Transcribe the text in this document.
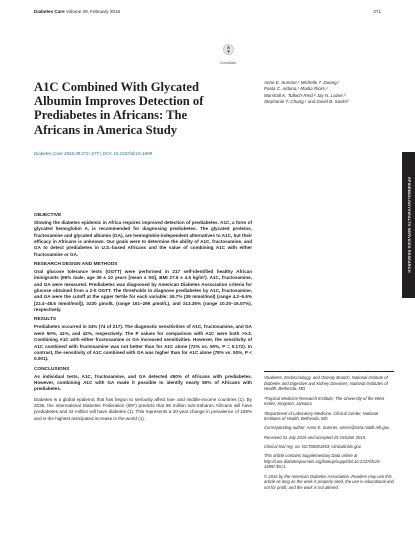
Diabetes Care Volume 39, February 2016	271
CrossMark
A1C Combined With Glycated Albumin Improves Detection of Prediabetes in Africans: The Africans in America Study
Diabetes Care 2016;39:271–277 | DOI: 10.2337/dc15-1699
Anne E. Sumner,¹ Michelle T. Duong,¹
Paola C. Aldana,¹ Madia Ricks,¹
Marshall K. Tulloch-Reid,² Jay N. Lozier,³
Stephanie T. Chung,¹ and David B. Sacks³
EPIDEMIOLOGY/HEALTH SERVICES RESEARCH
OBJECTIVE

Slowing the diabetes epidemic in Africa requires improved detection of prediabetes. A1C, a form of glycated hemoglobin A, is recommended for diagnosing prediabetes. The glycated proteins, fructosamine and glycated albumin (GA), are hemoglobin-independent alternatives to A1C, but their efficacy in Africans is unknown. Our goals were to determine the ability of A1C, fructosamine, and GA to detect prediabetes in U.S.-based Africans and the value of combining A1C with either fructosamine or GA.

RESEARCH DESIGN AND METHODS

Oral glucose tolerance tests (OGTT) were performed in 217 self-identified healthy African immigrants (69% male, age 39 ± 10 years [mean ± SD], BMI 27.6 ± 4.5 kg/m²). A1C, fructosamine, and GA were measured. Prediabetes was diagnosed by American Diabetes Association criteria for glucose obtained from a 2-h OGTT. The thresholds to diagnose prediabetes by A1C, fructosamine, and GA were the cutoff at the upper tertile for each variable: ≥5.7% (39 mmol/mol) (range 4.2–6.6% [22.4–48.6 mmol/mol]), ≥230 μmol/L (range 161–269 μmol/L), and ≥13.35% (range 10.20–16.07%), respectively.

RESULTS

Prediabetes occurred in 34% (74 of 217). The diagnostic sensitivities of A1C, fructosamine, and GA were 50%, 41%, and 42%, respectively. The P values for comparison with A1C were both >0.3. Combining A1C with either fructosamine or GA increased sensitivities. However, the sensitivity of A1C combined with fructosamine was not better than for A1C alone (72% vs. 50%, P = 0.172). In contrast, the sensitivity of A1C combined with GA was higher than for A1C alone (78% vs. 50%, P < 0.001).

CONCLUSIONS

As individual tests, A1C, fructosamine, and GA detected ≤50% of Africans with prediabetes. However, combining A1C with GA made it possible to identify nearly 80% of Africans with prediabetes.

Diabetes is a global epidemic that has begun to seriously affect low- and middle-income countries (1). By 2035, the International Diabetes Federation (IDF) predicts that 66 million sub-Saharan Africans will have prediabetes and 42 million will have diabetes (1). This represents a 20-year change in prevalence of 109% and is the highest anticipated increase in the world (1).

¹Diabetes, Endocrinology, and Obesity Branch, National Institute of Diabetes and Digestive and Kidney Diseases, National Institutes of Health, Bethesda, MD
²Tropical Medicine Research Institute, The University of the West Indies, Kingston, Jamaica
³Department of Laboratory Medicine, Clinical Center, National Institutes of Health, Bethesda, MD
Corresponding author: Anne E. Sumner, annes@intra.niddk.nih.gov.
Received 31 July 2015 and accepted 25 October 2015.
Clinical trial reg. no. NCT00001853, clinicaltrials.gov.
This article contains Supplementary Data online at http://care.diabetesjournals.org/lookup/suppl/doi:10.2337/dc15-1699/-/DC1.
© 2016 by the American Diabetes Association. Readers may use this article as long as the work is properly cited, the use is educational and not for profit, and the work is not altered.
